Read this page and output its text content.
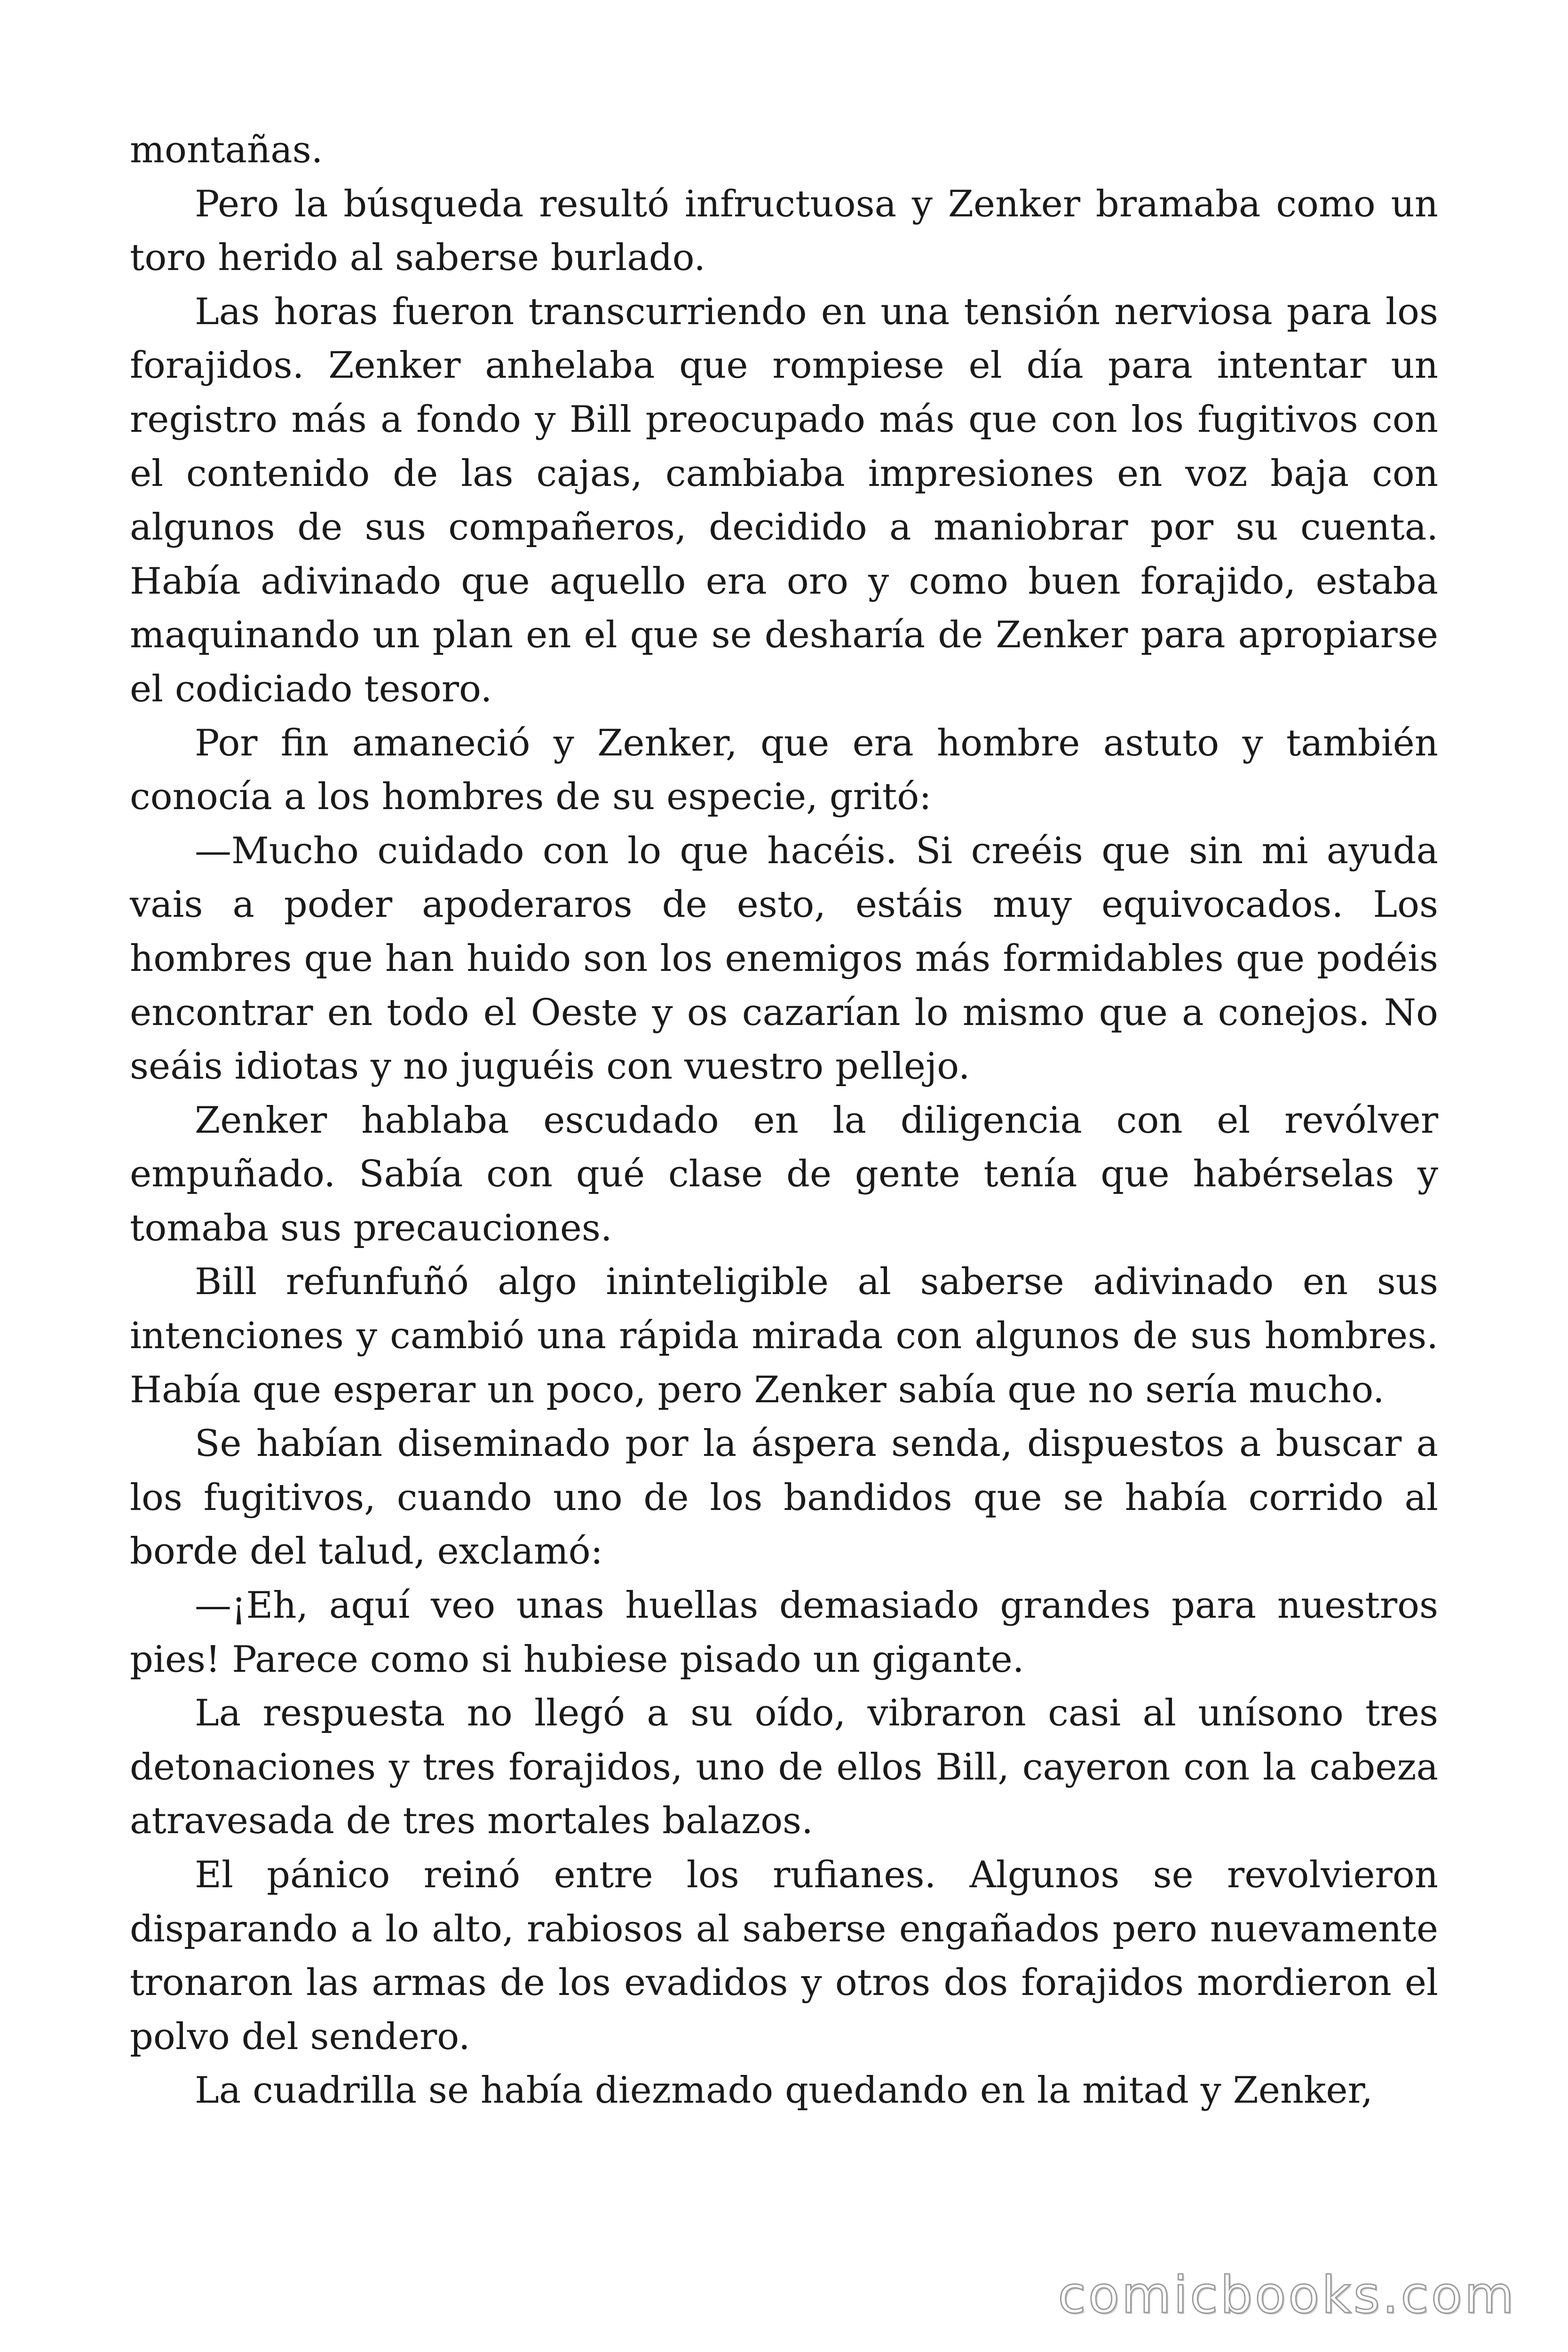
montañas.

Pero la búsqueda resultó infructuosa y Zenker bramaba como un toro herido al saberse burlado.

Las horas fueron transcurriendo en una tensión nerviosa para los forajidos. Zenker anhelaba que rompiese el día para intentar un registro más a fondo y Bill preocupado más que con los fugitivos con el contenido de las cajas, cambiaba impresiones en voz baja con algunos de sus compañeros, decidido a maniobrar por su cuenta. Había adivinado que aquello era oro y como buen forajido, estaba maquinando un plan en el que se desharía de Zenker para apropiarse el codiciado tesoro.

Por fin amaneció y Zenker, que era hombre astuto y también conocía a los hombres de su especie, gritó:

—Mucho cuidado con lo que hacéis. Si creéis que sin mi ayuda vais a poder apoderaros de esto, estáis muy equivocados. Los hombres que han huido son los enemigos más formidables que podéis encontrar en todo el Oeste y os cazarían lo mismo que a conejos. No seáis idiotas y no juguéis con vuestro pellejo.

Zenker hablaba escudado en la diligencia con el revólver empuñado. Sabía con qué clase de gente tenía que habérselas y tomaba sus precauciones.

Bill refunfuñó algo ininteligible al saberse adivinado en sus intenciones y cambió una rápida mirada con algunos de sus hombres. Había que esperar un poco, pero Zenker sabía que no sería mucho.

Se habían diseminado por la áspera senda, dispuestos a buscar a los fugitivos, cuando uno de los bandidos que se había corrido al borde del talud, exclamó:

—¡Eh, aquí veo unas huellas demasiado grandes para nuestros pies! Parece como si hubiese pisado un gigante.

La respuesta no llegó a su oído, vibraron casi al unísono tres detonaciones y tres forajidos, uno de ellos Bill, cayeron con la cabeza atravesada de tres mortales balazos.

El pánico reinó entre los rufianes. Algunos se revolvieron disparando a lo alto, rabiosos al saberse engañados pero nuevamente tronaron las armas de los evadidos y otros dos forajidos mordieron el polvo del sendero.

La cuadrilla se había diezmado quedando en la mitad y Zenker,

comicbooks.com
